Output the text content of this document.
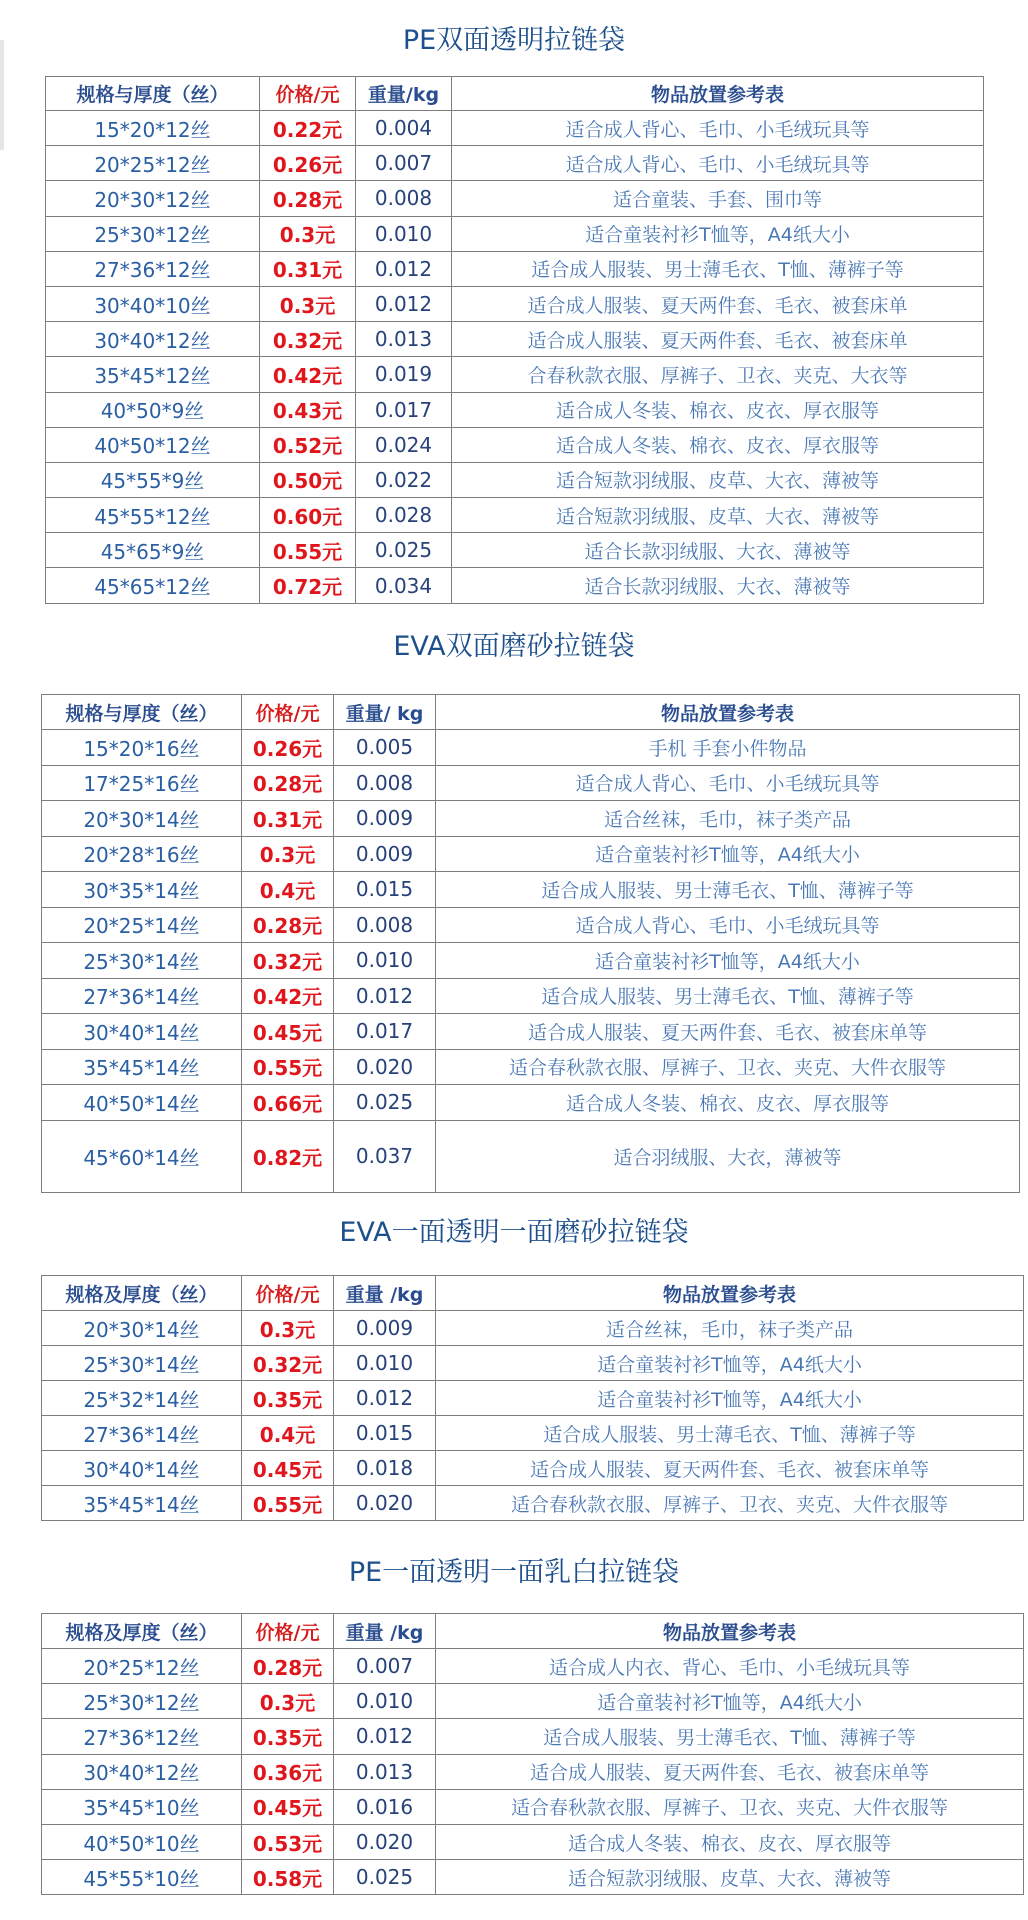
PE双面透明拉链袋
规格与厚度（丝）	价格/元	重量/kg	物品放置参考表
15*20*12丝	0.22元	0.004	适合成人背心、毛巾、小毛绒玩具等
20*25*12丝	0.26元	0.007	适合成人背心、毛巾、小毛绒玩具等
20*30*12丝	0.28元	0.008	适合童装、手套、围巾等
25*30*12丝	0.3元	0.010	适合童装衬衫T恤等，A4纸大小
27*36*12丝	0.31元	0.012	适合成人服装、男士薄毛衣、T恤、薄裤子等
30*40*10丝	0.3元	0.012	适合成人服装、夏天两件套、毛衣、被套床单
30*40*12丝	0.32元	0.013	适合成人服装、夏天两件套、毛衣、被套床单
35*45*12丝	0.42元	0.019	合春秋款衣服、厚裤子、卫衣、夹克、大衣等
40*50*9丝	0.43元	0.017	适合成人冬装、棉衣、皮衣、厚衣服等
40*50*12丝	0.52元	0.024	适合成人冬装、棉衣、皮衣、厚衣服等
45*55*9丝	0.50元	0.022	适合短款羽绒服、皮草、大衣、薄被等
45*55*12丝	0.60元	0.028	适合短款羽绒服、皮草、大衣、薄被等
45*65*9丝	0.55元	0.025	适合长款羽绒服、大衣、薄被等
45*65*12丝	0.72元	0.034	适合长款羽绒服、大衣、薄被等
EVA双面磨砂拉链袋
规格与厚度（丝）	价格/元	重量/ kg	物品放置参考表
15*20*16丝	0.26元	0.005	手机 手套小件物品
17*25*16丝	0.28元	0.008	适合成人背心、毛巾、小毛绒玩具等
20*30*14丝	0.31元	0.009	适合丝袜，毛巾，袜子类产品
20*28*16丝	0.3元	0.009	适合童装衬衫T恤等，A4纸大小
30*35*14丝	0.4元	0.015	适合成人服装、男士薄毛衣、T恤、薄裤子等
20*25*14丝	0.28元	0.008	适合成人背心、毛巾、小毛绒玩具等
25*30*14丝	0.32元	0.010	适合童装衬衫T恤等，A4纸大小
27*36*14丝	0.42元	0.012	适合成人服装、男士薄毛衣、T恤、薄裤子等
30*40*14丝	0.45元	0.017	适合成人服装、夏天两件套、毛衣、被套床单等
35*45*14丝	0.55元	0.020	适合春秋款衣服、厚裤子、卫衣、夹克、大件衣服等
40*50*14丝	0.66元	0.025	适合成人冬装、棉衣、皮衣、厚衣服等
45*60*14丝	0.82元	0.037	适合羽绒服、大衣，薄被等
EVA一面透明一面磨砂拉链袋
规格及厚度（丝）	价格/元	重量 /kg	物品放置参考表
20*30*14丝	0.3元	0.009	适合丝袜，毛巾，袜子类产品
25*30*14丝	0.32元	0.010	适合童装衬衫T恤等，A4纸大小
25*32*14丝	0.35元	0.012	适合童装衬衫T恤等，A4纸大小
27*36*14丝	0.4元	0.015	适合成人服装、男士薄毛衣、T恤、薄裤子等
30*40*14丝	0.45元	0.018	适合成人服装、夏天两件套、毛衣、被套床单等
35*45*14丝	0.55元	0.020	适合春秋款衣服、厚裤子、卫衣、夹克、大件衣服等
PE一面透明一面乳白拉链袋
规格及厚度（丝）	价格/元	重量 /kg	物品放置参考表
20*25*12丝	0.28元	0.007	适合成人内衣、背心、毛巾、小毛绒玩具等
25*30*12丝	0.3元	0.010	适合童装衬衫T恤等，A4纸大小
27*36*12丝	0.35元	0.012	适合成人服装、男士薄毛衣、T恤、薄裤子等
30*40*12丝	0.36元	0.013	适合成人服装、夏天两件套、毛衣、被套床单等
35*45*10丝	0.45元	0.016	适合春秋款衣服、厚裤子、卫衣、夹克、大件衣服等
40*50*10丝	0.53元	0.020	适合成人冬装、棉衣、皮衣、厚衣服等
45*55*10丝	0.58元	0.025	适合短款羽绒服、皮草、大衣、薄被等
